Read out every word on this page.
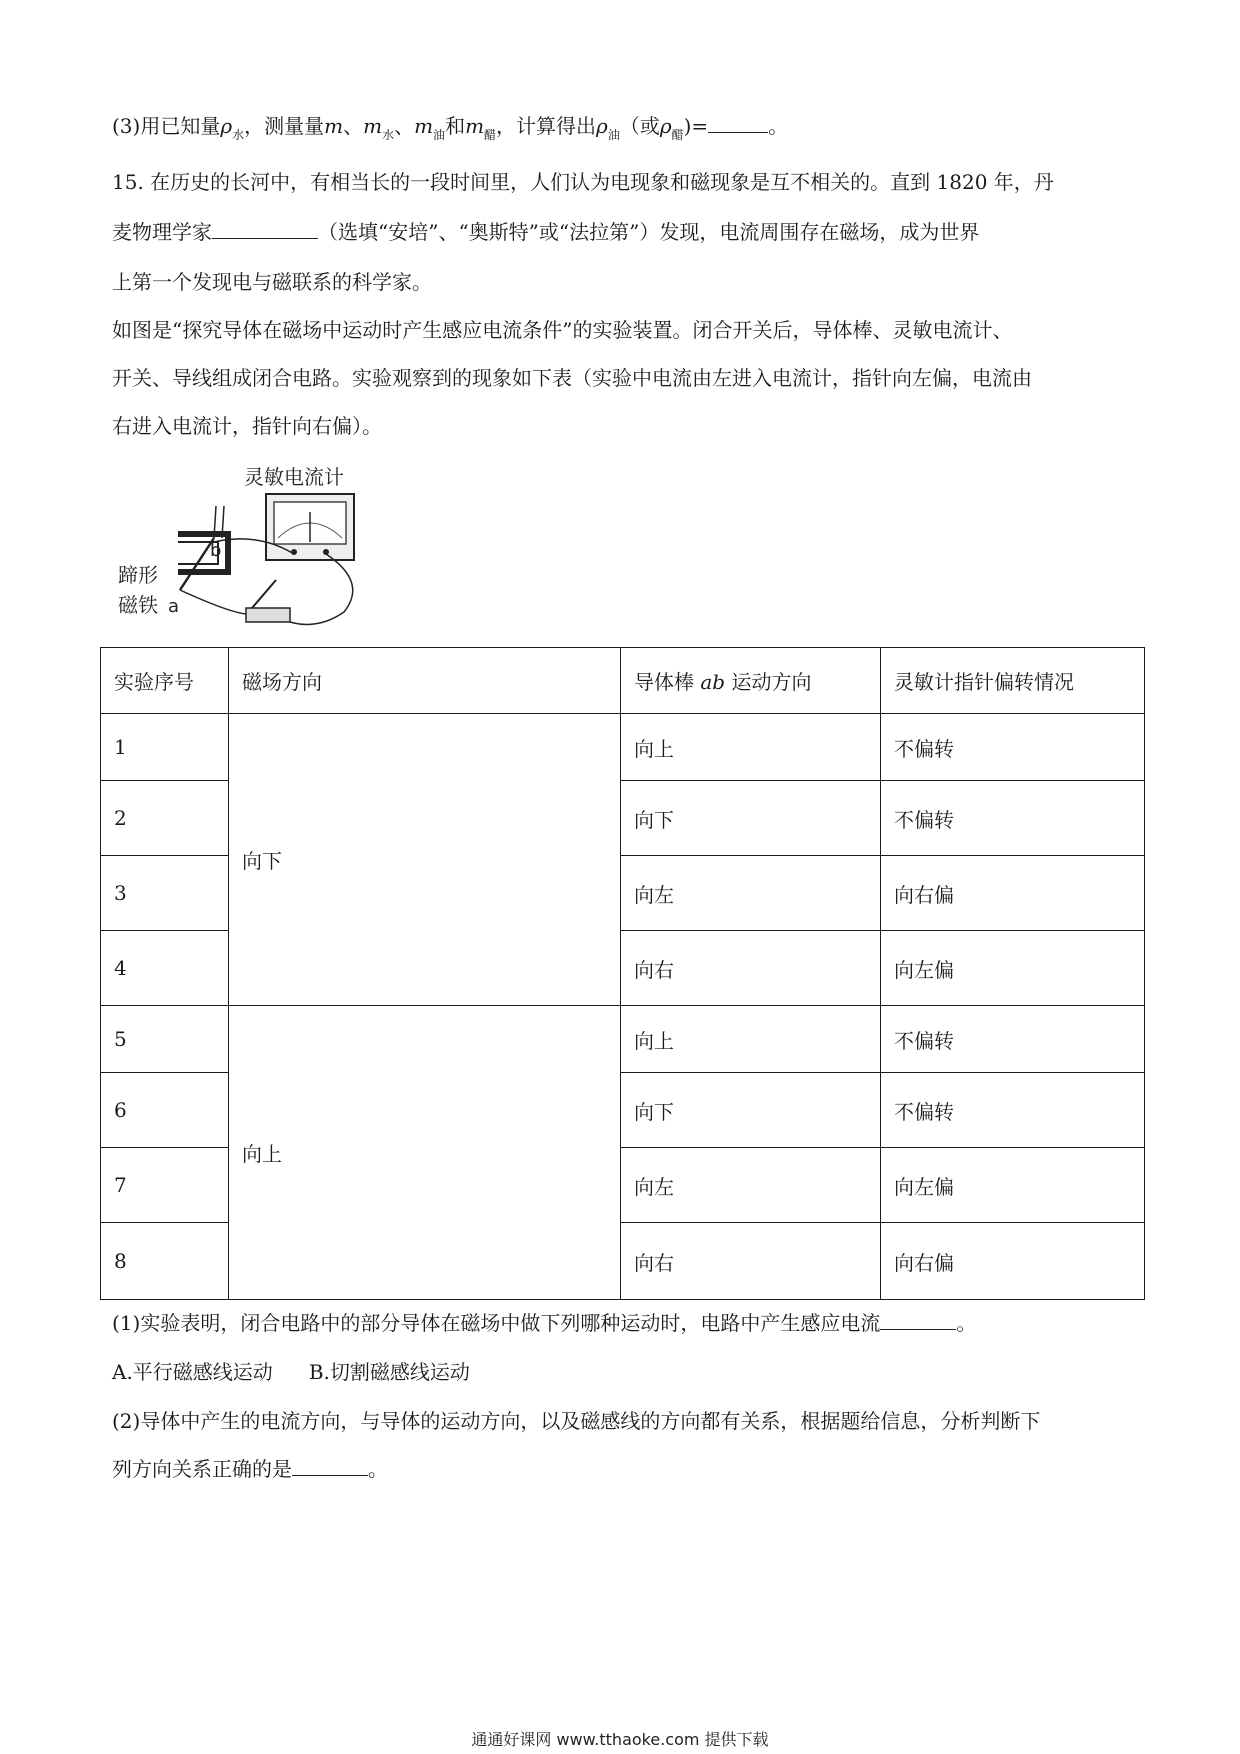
(3)用已知量$\rho_水$，测量量m、$m_水$、$m_油$和$m_醋$，计算得出$\rho_油$（或$\rho_醋)=$	。
15. 在历史的长河中，有相当长的一段时间里，人们认为电现象和磁现象是互不相关的。直到 1820 年，丹
麦物理学家	（选填“安培”、“奥斯特”或“法拉第”）发现，电流周围存在磁场，成为世界
上第一个发现电与磁联系的科学家。
如图是“探究导体在磁场中运动时产生感应电流条件”的实验装置。闭合开关后，导体棒、灵敏电流计、
开关、导线组成闭合电路。实验观察到的现象如下表（实验中电流由左进入电流计，指针向左偏，电流由
右进入电流计，指针向右偏）。
灵敏电流计
b
a
蹄形
磁铁
实验序号	磁场方向	导体棒 ab 运动方向	灵敏计指针偏转情况
1	向下	向上	不偏转
2		向下	不偏转
3		向左	向右偏
4		向右	向左偏
5	向上	向上	不偏转
6		向下	不偏转
7		向左	向左偏
8		向右	向右偏
(1)实验表明，闭合电路中的部分导体在磁场中做下列哪种运动时，电路中产生感应电流	。
A.平行磁感线运动 B.切割磁感线运动
(2)导体中产生的电流方向，与导体的运动方向，以及磁感线的方向都有关系，根据题给信息，分析判断下
列方向关系正确的是	。
通通好课网 www.tthaoke.com 提供下载
